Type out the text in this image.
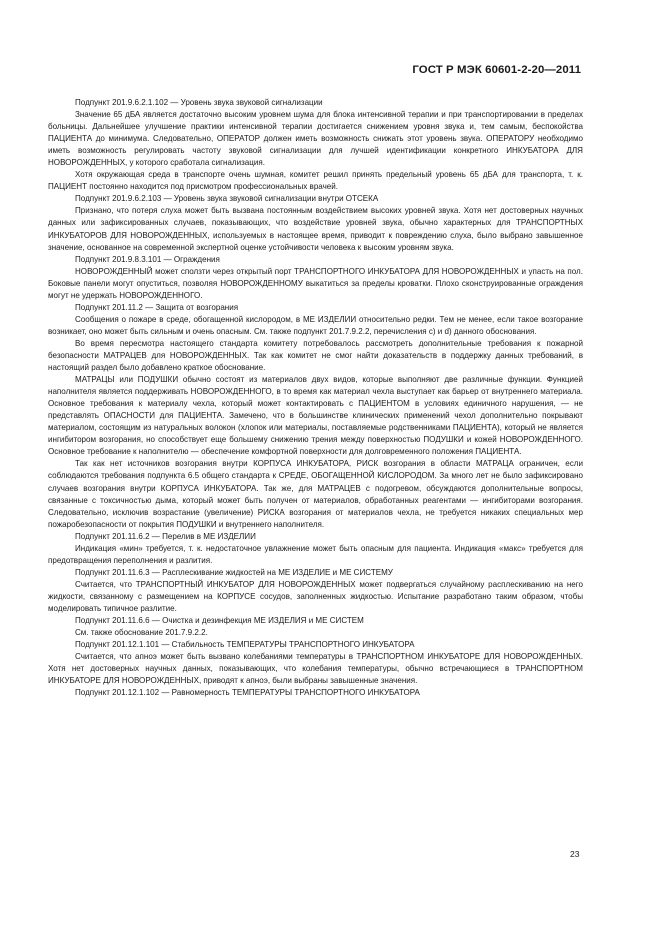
ГОСТ Р МЭК 60601-2-20—2011

Подпункт 201.9.6.2.1.102 — Уровень звука звуковой сигнализации

Значение 65 дБА является достаточно высоким уровнем шума для блока интенсивной терапии и при транспортировании в пределах больницы. Дальнейшее улучшение практики интенсивной терапии достигается снижением уровня звука и, тем самым, беспокойства ПАЦИЕНТА до минимума. Следовательно, ОПЕРАТОР должен иметь возможность снижать этот уровень звука. ОПЕРАТОРУ необходимо иметь возможность регулировать частоту звуковой сигнализации для лучшей идентификации конкретного ИНКУБАТОРА ДЛЯ НОВОРОЖДЕННЫХ, у которого сработала сигнализация.

Хотя окружающая среда в транспорте очень шумная, комитет решил принять предельный уровень 65 дБА для транспорта, т. к. ПАЦИЕНТ постоянно находится под присмотром профессиональных врачей.

Подпункт 201.9.6.2.103 — Уровень звука звуковой сигнализации внутри ОТСЕКА

Признано, что потеря слуха может быть вызвана постоянным воздействием высоких уровней звука. Хотя нет достоверных научных данных или зафиксированных случаев, показывающих, что воздействие уровней звука, обычно характерных для ТРАНСПОРТНЫХ ИНКУБАТОРОВ ДЛЯ НОВОРОЖДЕННЫХ, используемых в настоящее время, приводит к повреждению слуха, было выбрано завышенное значение, основанное на современной экспертной оценке устойчивости человека к высоким уровням звука.

Подпункт 201.9.8.3.101 — Ограждения

НОВОРОЖДЕННЫЙ может сползти через открытый порт ТРАНСПОРТНОГО ИНКУБАТОРА ДЛЯ НОВОРОЖДЕННЫХ и упасть на пол. Боковые панели могут опуститься, позволяя НОВОРОЖДЕННОМУ выкатиться за пределы кроватки. Плохо сконструированные ограждения могут не удержать НОВОРОЖДЕННОГО.

Подпункт 201.11.2 — Защита от возгорания

Сообщения о пожаре в среде, обогащенной кислородом, в МЕ ИЗДЕЛИИ относительно редки. Тем не менее, если такое возгорание возникает, оно может быть сильным и очень опасным. См. также подпункт 201.7.9.2.2, перечисления с) и d) данного обоснования.

Во время пересмотра настоящего стандарта комитету потребовалось рассмотреть дополнительные требования к пожарной безопасности МАТРАЦЕВ для НОВОРОЖДЕННЫХ. Так как комитет не смог найти доказательств в поддержку данных требований, в настоящий раздел было добавлено краткое обоснование.

МАТРАЦЫ или ПОДУШКИ обычно состоят из материалов двух видов, которые выполняют две различные функции. Функцией наполнителя является поддерживать НОВОРОЖДЕННОГО, в то время как материал чехла выступает как барьер от внутреннего материала. Основное требования к материалу чехла, который может контактировать с ПАЦИЕНТОМ в условиях единичного нарушения, — не представлять ОПАСНОСТИ для ПАЦИЕНТА. Замечено, что в большинстве клинических применений чехол дополнительно покрывают материалом, состоящим из натуральных волокон (хлопок или материалы, поставляемые родственниками ПАЦИЕНТА), который не является ингибитором возгорания, но способствует еще большему снижению трения между поверхностью ПОДУШКИ и кожей НОВОРОЖДЕННОГО. Основное требование к наполнителю — обеспечение комфортной поверхности для долговременного положения ПАЦИЕНТА.

Так как нет источников возгорания внутри КОРПУСА ИНКУБАТОРА, РИСК возгорания в области МАТРАЦА ограничен, если соблюдаются требования подпункта 6.5 общего стандарта к СРЕДЕ, ОБОГАЩЕННОЙ КИСЛОРОДОМ. За много лет не было зафиксировано случаев возгорания внутри КОРПУСА ИНКУБАТОРА. Так же, для МАТРАЦЕВ с подогревом, обсуждаются дополнительные вопросы, связанные с токсичностью дыма, который может быть получен от материалов, обработанных реагентами — ингибиторами возгорания. Следовательно, исключив возрастание (увеличение) РИСКА возгорания от материалов чехла, не требуется никаких специальных мер пожаробезопасности от покрытия ПОДУШКИ и внутреннего наполнителя.

Подпункт 201.11.6.2 — Перелив в МЕ ИЗДЕЛИИ

Индикация «мин» требуется, т. к. недостаточное увлажнение может быть опасным для пациента. Индикация «макс» требуется для предотвращения переполнения и разлития.

Подпункт 201.11.6.3 — Расплескивание жидкостей на МЕ ИЗДЕЛИЕ и МЕ СИСТЕМУ

Считается, что ТРАНСПОРТНЫЙ ИНКУБАТОР ДЛЯ НОВОРОЖДЕННЫХ может подвергаться случайному расплескиванию на него жидкости, связанному с размещением на КОРПУСЕ сосудов, заполненных жидкостью. Испытание разработано таким образом, чтобы моделировать типичное разлитие.

Подпункт 201.11.6.6 — Очистка и дезинфекция МЕ ИЗДЕЛИЯ и МЕ СИСТЕМ

См. также обоснование 201.7.9.2.2.

Подпункт 201.12.1.101 — Стабильность ТЕМПЕРАТУРЫ ТРАНСПОРТНОГО ИНКУБАТОРА

Считается, что апноэ может быть вызвано колебаниями температуры в ТРАНСПОРТНОМ ИНКУБАТОРЕ ДЛЯ НОВОРОЖДЕННЫХ. Хотя нет достоверных научных данных, показывающих, что колебания температуры, обычно встречающиеся в ТРАНСПОРТНОМ ИНКУБАТОРЕ ДЛЯ НОВОРОЖДЕННЫХ, приводят к апноэ, были выбраны завышенные значения.

Подпункт 201.12.1.102 — Равномерность ТЕМПЕРАТУРЫ ТРАНСПОРТНОГО ИНКУБАТОРА

23
